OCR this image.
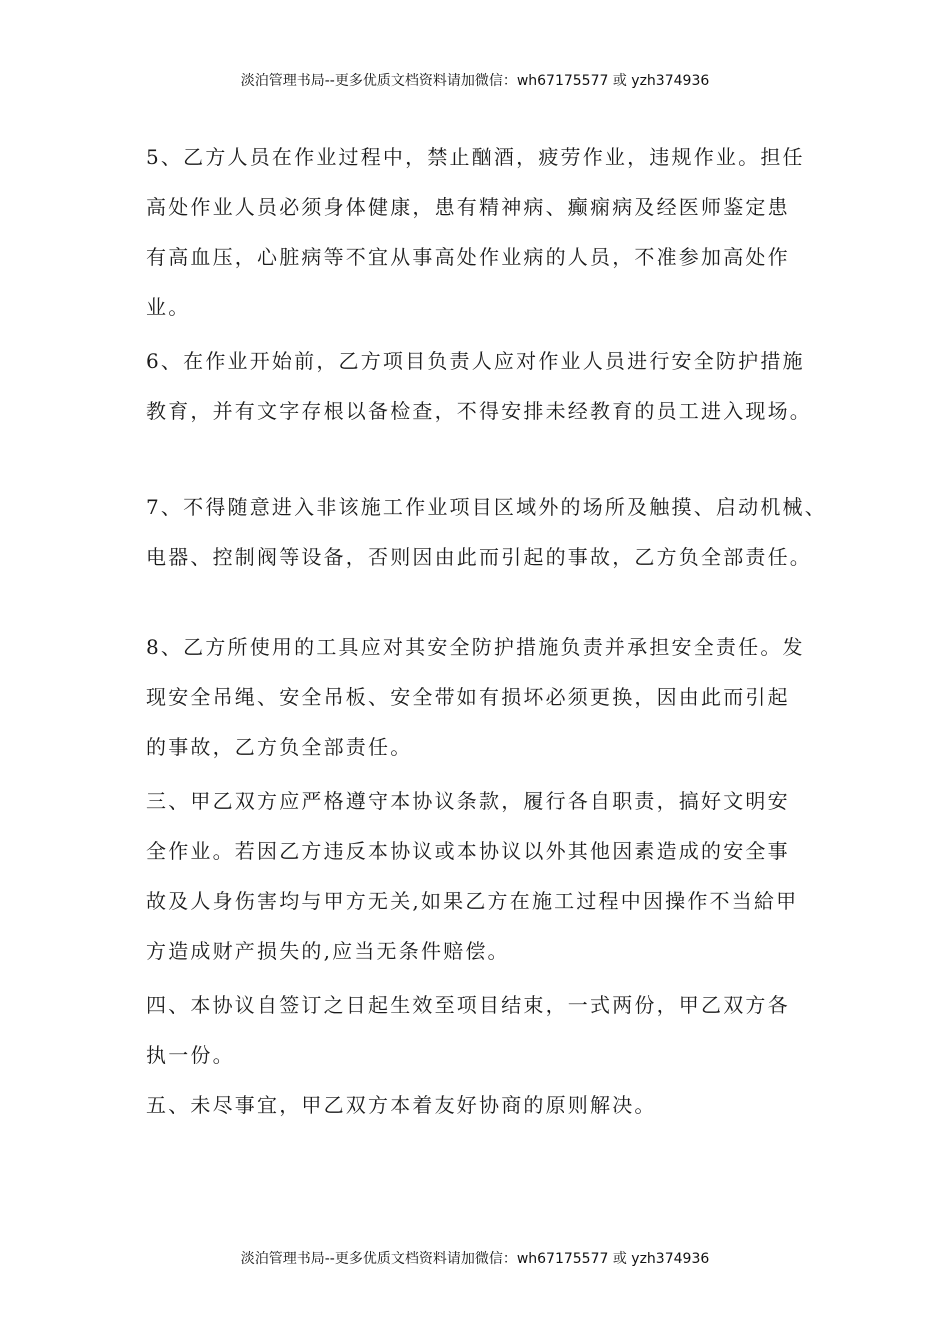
淡泊管理书局--更多优质文档资料请加微信：wh67175577 或 yzh374936

5、乙方人员在作业过程中，禁止酗酒，疲劳作业，违规作业。担任
高处作业人员必须身体健康，患有精神病、癫痫病及经医师鉴定患
有高血压，心脏病等不宜从事高处作业病的人员，不准参加高处作
业。

6、在作业开始前，乙方项目负责人应对作业人员进行安全防护措施
教育，并有文字存根以备检查，不得安排未经教育的员工进入现场。

7、不得随意进入非该施工作业项目区域外的场所及触摸、启动机械、
电器、控制阀等设备，否则因由此而引起的事故，乙方负全部责任。

8、乙方所使用的工具应对其安全防护措施负责并承担安全责任。发
现安全吊绳、安全吊板、安全带如有损坏必须更换，因由此而引起
的事故，乙方负全部责任。

三、甲乙双方应严格遵守本协议条款，履行各自职责，搞好文明安
全作业。若因乙方违反本协议或本协议以外其他因素造成的安全事
故及人身伤害均与甲方无关,如果乙方在施工过程中因操作不当給甲
方造成财产损失的,应当无条件赔偿。

四、本协议自签订之日起生效至项目结束，一式两份，甲乙双方各
执一份。

五、未尽事宜，甲乙双方本着友好协商的原则解决。

淡泊管理书局--更多优质文档资料请加微信：wh67175577 或 yzh374936
